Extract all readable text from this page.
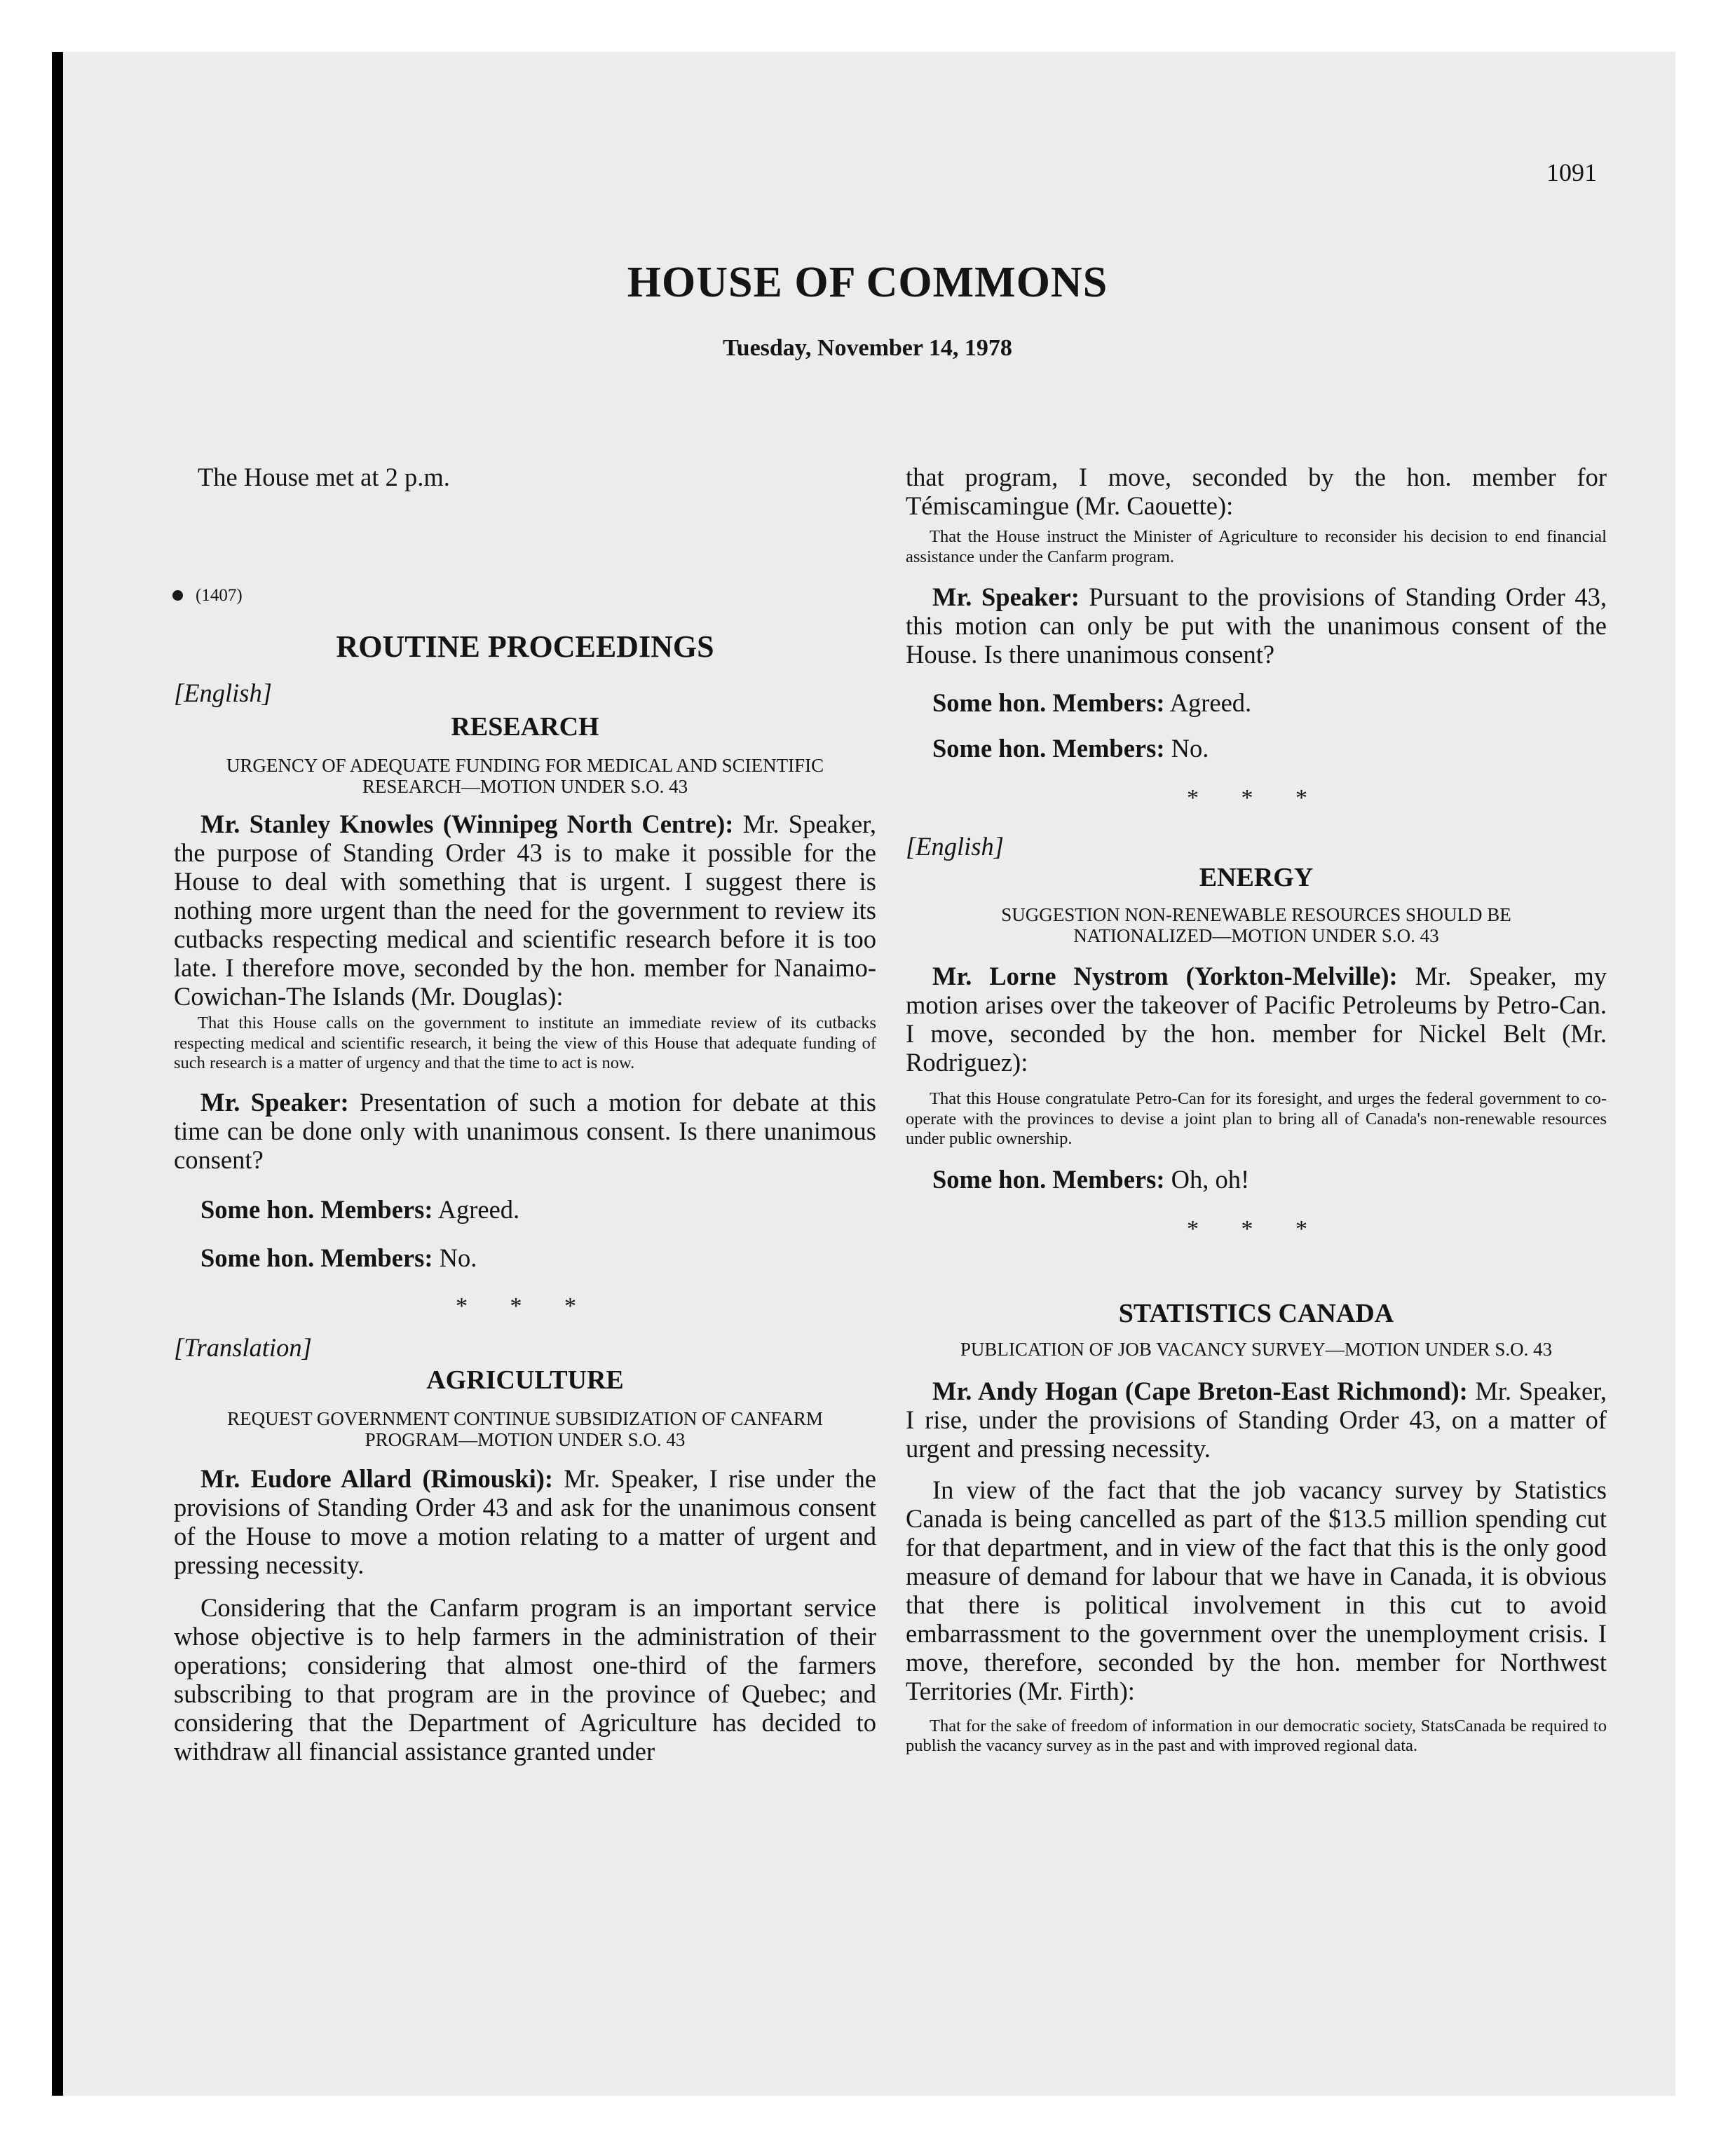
1091
HOUSE OF COMMONS
Tuesday, November 14, 1978

The House met at 2 p.m.

(1407)
ROUTINE PROCEEDINGS
[English]
RESEARCH
URGENCY OF ADEQUATE FUNDING FOR MEDICAL AND SCIENTIFIC RESEARCH—MOTION UNDER S.O. 43

Mr. Stanley Knowles (Winnipeg North Centre): Mr. Speaker, the purpose of Standing Order 43 is to make it possible for the House to deal with something that is urgent. I suggest there is nothing more urgent than the need for the government to review its cutbacks respecting medical and scientific research before it is too late. I therefore move, seconded by the hon. member for Nanaimo-Cowichan-The Islands (Mr. Douglas):

That this House calls on the government to institute an immediate review of its cutbacks respecting medical and scientific research, it being the view of this House that adequate funding of such research is a matter of urgency and that the time to act is now.

Mr. Speaker: Presentation of such a motion for debate at this time can be done only with unanimous consent. Is there unanimous consent?

Some hon. Members: Agreed.

Some hon. Members: No.

* * *
[Translation]
AGRICULTURE
REQUEST GOVERNMENT CONTINUE SUBSIDIZATION OF CANFARM PROGRAM—MOTION UNDER S.O. 43

Mr. Eudore Allard (Rimouski): Mr. Speaker, I rise under the provisions of Standing Order 43 and ask for the unanimous consent of the House to move a motion relating to a matter of urgent and pressing necessity.

Considering that the Canfarm program is an important service whose objective is to help farmers in the administration of their operations; considering that almost one-third of the farmers subscribing to that program are in the province of Quebec; and considering that the Department of Agriculture has decided to withdraw all financial assistance granted under

that program, I move, seconded by the hon. member for Témiscamingue (Mr. Caouette):

That the House instruct the Minister of Agriculture to reconsider his decision to end financial assistance under the Canfarm program.

Mr. Speaker: Pursuant to the provisions of Standing Order 43, this motion can only be put with the unanimous consent of the House. Is there unanimous consent?

Some hon. Members: Agreed.

Some hon. Members: No.

* * *
[English]
ENERGY
SUGGESTION NON-RENEWABLE RESOURCES SHOULD BE NATIONALIZED—MOTION UNDER S.O. 43

Mr. Lorne Nystrom (Yorkton-Melville): Mr. Speaker, my motion arises over the takeover of Pacific Petroleums by Petro-Can. I move, seconded by the hon. member for Nickel Belt (Mr. Rodriguez):

That this House congratulate Petro-Can for its foresight, and urges the federal government to co-operate with the provinces to devise a joint plan to bring all of Canada's non-renewable resources under public ownership.

Some hon. Members: Oh, oh!

* * *
STATISTICS CANADA
PUBLICATION OF JOB VACANCY SURVEY—MOTION UNDER S.O. 43

Mr. Andy Hogan (Cape Breton-East Richmond): Mr. Speaker, I rise, under the provisions of Standing Order 43, on a matter of urgent and pressing necessity.

In view of the fact that the job vacancy survey by Statistics Canada is being cancelled as part of the $13.5 million spending cut for that department, and in view of the fact that this is the only good measure of demand for labour that we have in Canada, it is obvious that there is political involvement in this cut to avoid embarrassment to the government over the unemployment crisis. I move, therefore, seconded by the hon. member for Northwest Territories (Mr. Firth):

That for the sake of freedom of information in our democratic society, StatsCanada be required to publish the vacancy survey as in the past and with improved regional data.
